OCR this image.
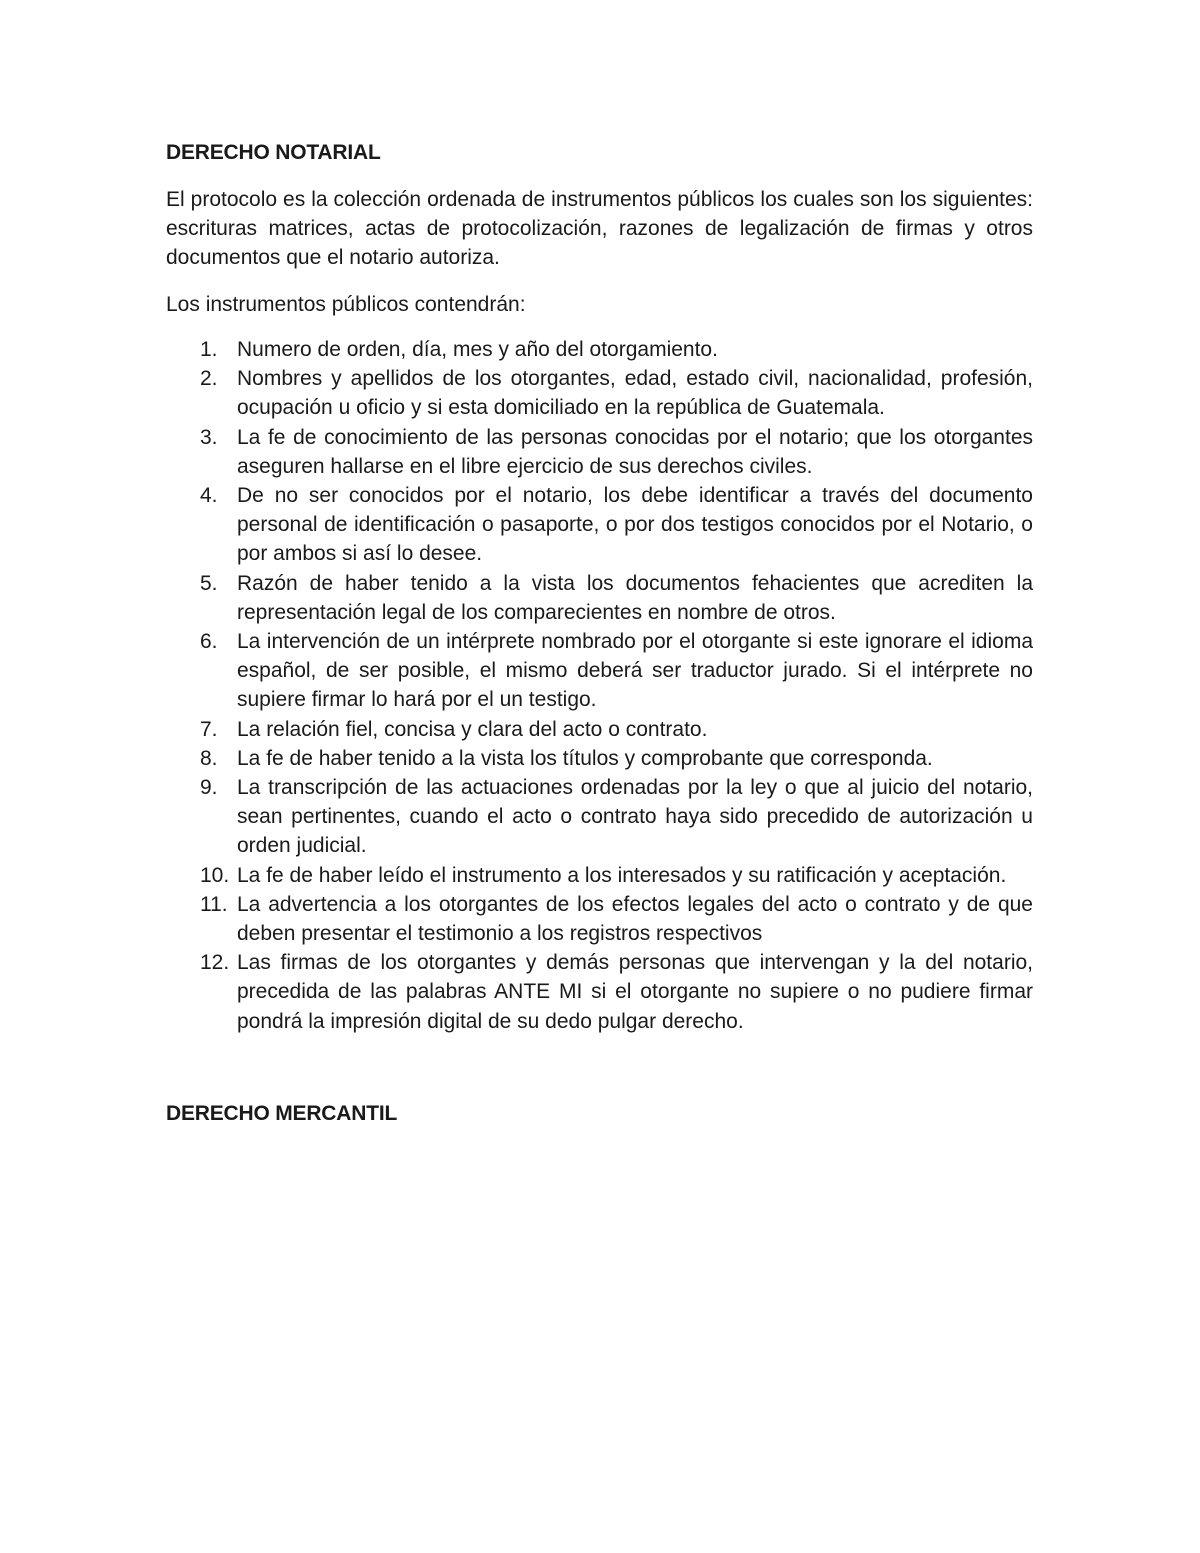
DERECHO NOTARIAL

El protocolo es la colección ordenada de instrumentos públicos los cuales son los siguientes: escrituras matrices, actas de protocolización, razones de legalización de firmas y otros documentos que el notario autoriza.

Los instrumentos públicos contendrán:

1. Numero de orden, día, mes y año del otorgamiento.
2. Nombres y apellidos de los otorgantes, edad, estado civil, nacionalidad, profesión, ocupación u oficio y si esta domiciliado en la república de Guatemala.
3. La fe de conocimiento de las personas conocidas por el notario; que los otorgantes aseguren hallarse en el libre ejercicio de sus derechos civiles.
4. De no ser conocidos por el notario, los debe identificar a través del documento personal de identificación o pasaporte, o por dos testigos conocidos por el Notario, o por ambos si así lo desee.
5. Razón de haber tenido a la vista los documentos fehacientes que acrediten la representación legal de los comparecientes en nombre de otros.
6. La intervención de un intérprete nombrado por el otorgante si este ignorare el idioma español, de ser posible, el mismo deberá ser traductor jurado. Si el intérprete no supiere firmar lo hará por el un testigo.
7. La relación fiel, concisa y clara del acto o contrato.
8. La fe de haber tenido a la vista los títulos y comprobante que corresponda.
9. La transcripción de las actuaciones ordenadas por la ley o que al juicio del notario, sean pertinentes, cuando el acto o contrato haya sido precedido de autorización u orden judicial.
10. La fe de haber leído el instrumento a los interesados y su ratificación y aceptación.
11. La advertencia a los otorgantes de los efectos legales del acto o contrato y de que deben presentar el testimonio a los registros respectivos
12. Las firmas de los otorgantes y demás personas que intervengan y la del notario, precedida de las palabras ANTE MI si el otorgante no supiere o no pudiere firmar pondrá la impresión digital de su dedo pulgar derecho.
DERECHO MERCANTIL
